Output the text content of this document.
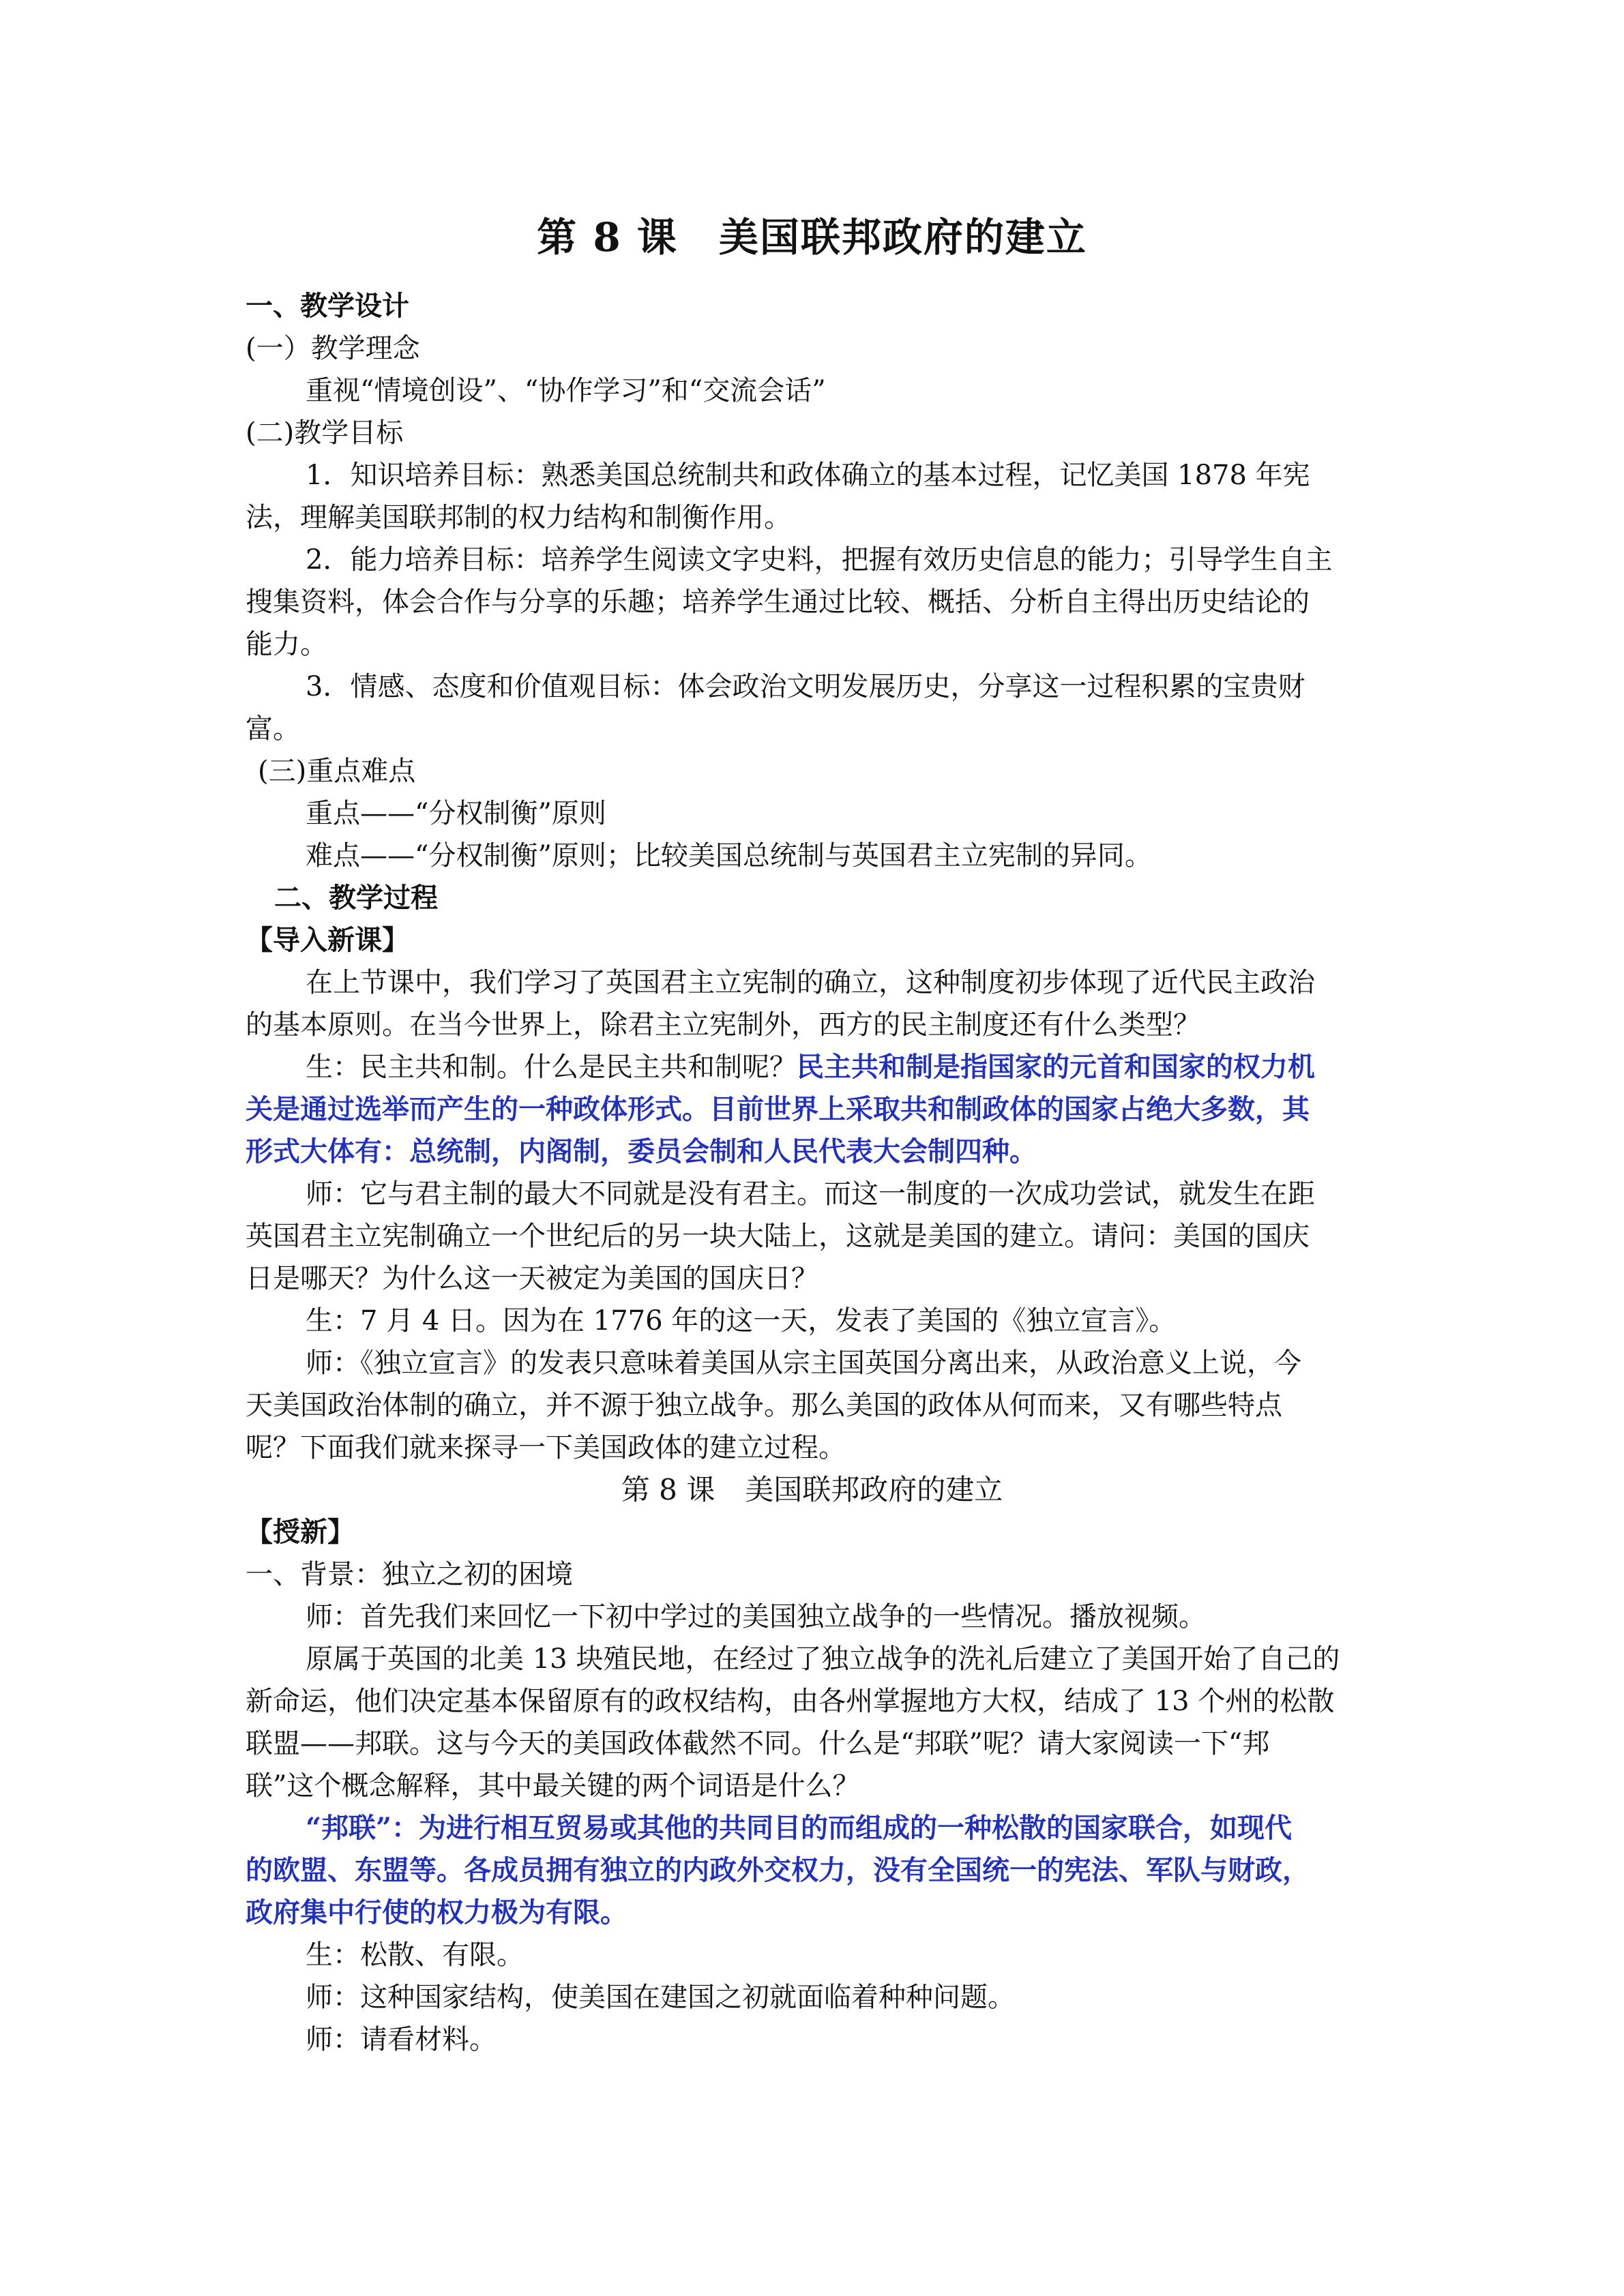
第 8 课　美国联邦政府的建立

一、教学设计

(一）教学理念

重视“情境创设”、“协作学习”和“交流会话”

(二)教学目标

1．知识培养目标：熟悉美国总统制共和政体确立的基本过程，记忆美国 1878 年宪

法，理解美国联邦制的权力结构和制衡作用。

2．能力培养目标：培养学生阅读文字史料，把握有效历史信息的能力；引导学生自主

搜集资料，体会合作与分享的乐趣；培养学生通过比较、概括、分析自主得出历史结论的

能力。

3．情感、态度和价值观目标：体会政治文明发展历史，分享这一过程积累的宝贵财

富。

(三)重点难点

重点——“分权制衡”原则

难点——“分权制衡”原则；比较美国总统制与英国君主立宪制的异同。

二、教学过程

【导入新课】

在上节课中，我们学习了英国君主立宪制的确立，这种制度初步体现了近代民主政治

的基本原则。在当今世界上，除君主立宪制外，西方的民主制度还有什么类型？

生：民主共和制。什么是民主共和制呢？民主共和制是指国家的元首和国家的权力机

关是通过选举而产生的一种政体形式。目前世界上采取共和制政体的国家占绝大多数，其

形式大体有：总统制，内阁制，委员会制和人民代表大会制四种。

师：它与君主制的最大不同就是没有君主。而这一制度的一次成功尝试，就发生在距

英国君主立宪制确立一个世纪后的另一块大陆上，这就是美国的建立。请问：美国的国庆

日是哪天？为什么这一天被定为美国的国庆日？

生：7 月 4 日。因为在 1776 年的这一天，发表了美国的《独立宣言》。

师：《独立宣言》的发表只意味着美国从宗主国英国分离出来，从政治意义上说，今

天美国政治体制的确立，并不源于独立战争。那么美国的政体从何而来，又有哪些特点

呢？下面我们就来探寻一下美国政体的建立过程。

第 8 课 美国联邦政府的建立

【授新】

一、背景：独立之初的困境

师：首先我们来回忆一下初中学过的美国独立战争的一些情况。播放视频。

原属于英国的北美 13 块殖民地，在经过了独立战争的洗礼后建立了美国开始了自己的

新命运，他们决定基本保留原有的政权结构，由各州掌握地方大权，结成了 13 个州的松散

联盟——邦联。这与今天的美国政体截然不同。什么是“邦联”呢？请大家阅读一下“邦

联”这个概念解释，其中最关键的两个词语是什么？

“邦联”：为进行相互贸易或其他的共同目的而组成的一种松散的国家联合，如现代

的欧盟、东盟等。各成员拥有独立的内政外交权力，没有全国统一的宪法、军队与财政，

政府集中行使的权力极为有限。

生：松散、有限。

师：这种国家结构，使美国在建国之初就面临着种种问题。

师：请看材料。
